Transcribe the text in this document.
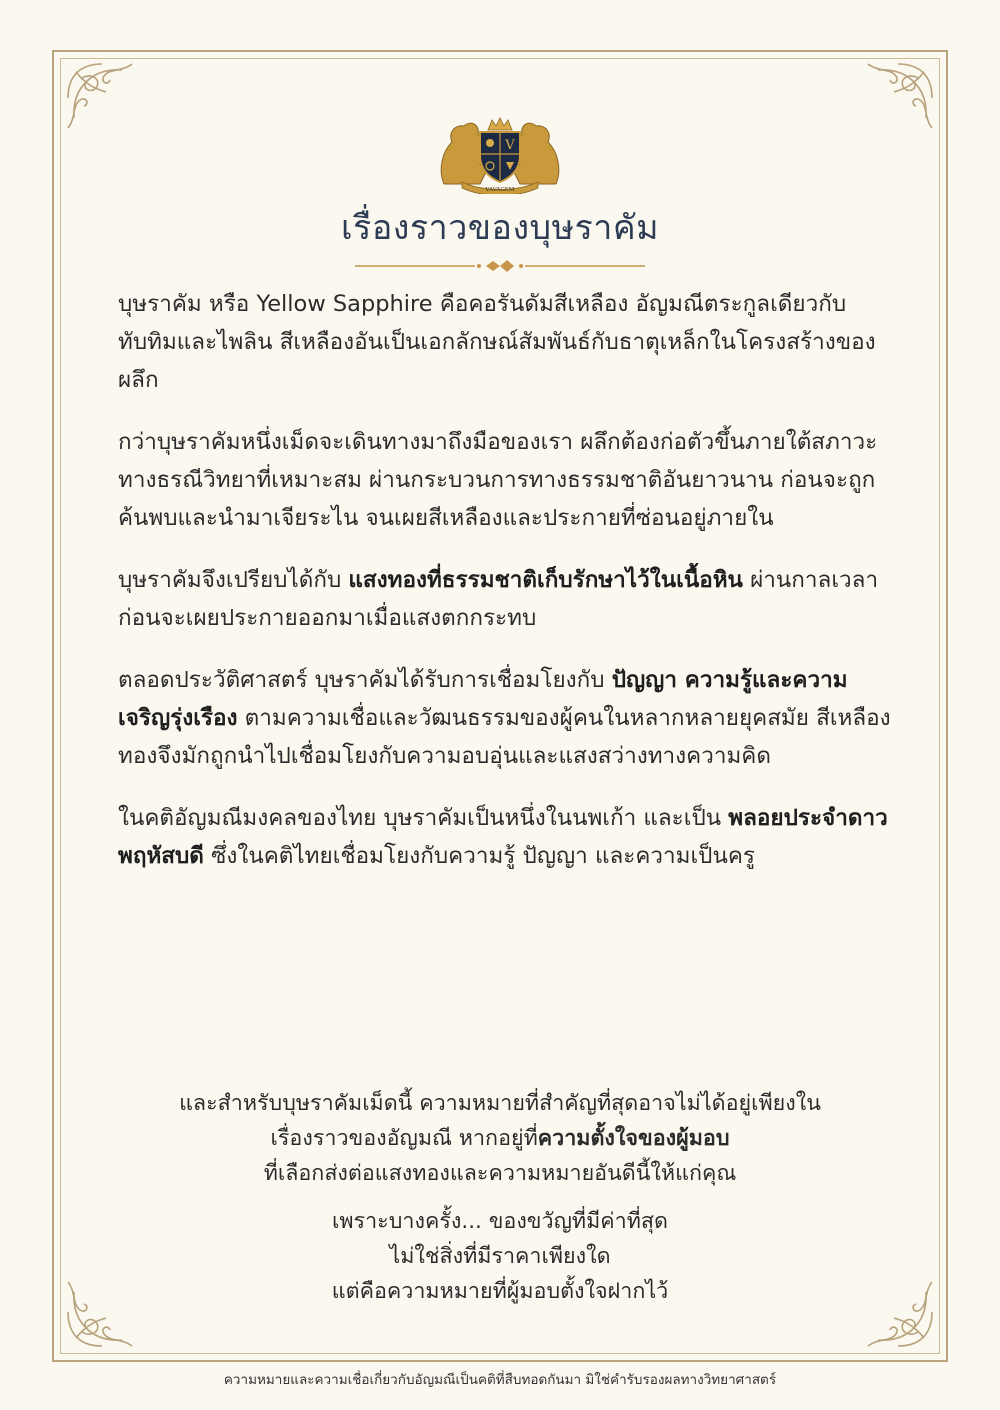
V
VAVAGEM
เรื่องราวของบุษราคัม

บุษราคัม หรือ Yellow Sapphire คือคอรันดัมสีเหลือง อัญมณีตระกูลเดียวกับทับทิมและไพลิน สีเหลืองอันเป็นเอกลักษณ์สัมพันธ์กับธาตุเหล็กในโครงสร้างของผลึก

กว่าบุษราคัมหนึ่งเม็ดจะเดินทางมาถึงมือของเรา ผลึกต้องก่อตัวขึ้นภายใต้สภาวะทางธรณีวิทยาที่เหมาะสม ผ่านกระบวนการทางธรรมชาติอันยาวนาน ก่อนจะถูกค้นพบและนำมาเจียระไน จนเผยสีเหลืองและประกายที่ซ่อนอยู่ภายใน

บุษราคัมจึงเปรียบได้กับ แสงทองที่ธรรมชาติเก็บรักษาไว้ในเนื้อหิน ผ่านกาลเวลา ก่อนจะเผยประกายออกมาเมื่อแสงตกกระทบ

ตลอดประวัติศาสตร์ บุษราคัมได้รับการเชื่อมโยงกับ ปัญญา ความรู้และความเจริญรุ่งเรือง ตามความเชื่อและวัฒนธรรมของผู้คนในหลากหลายยุคสมัย สีเหลืองทองจึงมักถูกนำไปเชื่อมโยงกับความอบอุ่นและแสงสว่างทางความคิด

ในคติอัญมณีมงคลของไทย บุษราคัมเป็นหนึ่งในนพเก้า และเป็น พลอยประจำดาวพฤหัสบดี ซึ่งในคติไทยเชื่อมโยงกับความรู้ ปัญญา และความเป็นครู

และสำหรับบุษราคัมเม็ดนี้ ความหมายที่สำคัญที่สุดอาจไม่ได้อยู่เพียงใน

เรื่องราวของอัญมณี หากอยู่ที่ความตั้งใจของผู้มอบ

ที่เลือกส่งต่อแสงทองและความหมายอันดีนี้ให้แก่คุณ

เพราะบางครั้ง... ของขวัญที่มีค่าที่สุด

ไม่ใช่สิ่งที่มีราคาเพียงใด

แต่คือความหมายที่ผู้มอบตั้งใจฝากไว้

ความหมายและความเชื่อเกี่ยวกับอัญมณีเป็นคติที่สืบทอดกันมา มิใช่คำรับรองผลทางวิทยาศาสตร์
